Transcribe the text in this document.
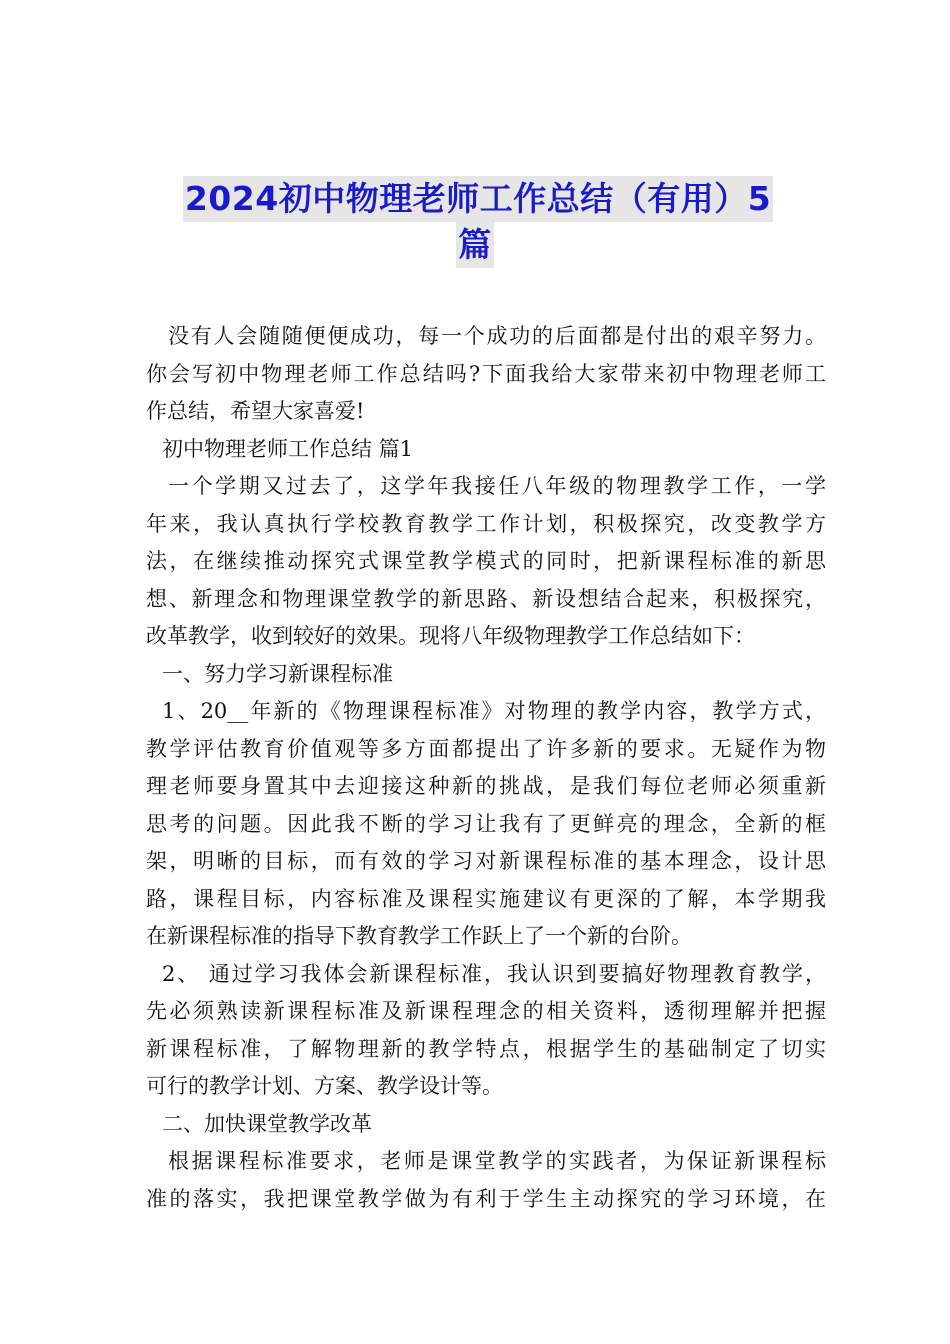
2024初中物理老师工作总结（有用）5
篇
没有人会随随便便成功，每一个成功的后面都是付出的艰辛努力。
你会写初中物理老师工作总结吗?下面我给大家带来初中物理老师工
作总结，希望大家喜爱!
初中物理老师工作总结 篇1
一个学期又过去了，这学年我接任八年级的物理教学工作，一学
年来，我认真执行学校教育教学工作计划，积极探究，改变教学方
法，在继续推动探究式课堂教学模式的同时，把新课程标准的新思
想、新理念和物理课堂教学的新思路、新设想结合起来，积极探究，
改革教学，收到较好的效果。现将八年级物理教学工作总结如下：
一、努力学习新课程标准
1、20__年新的《物理课程标准》对物理的教学内容，教学方式，
教学评估教育价值观等多方面都提出了许多新的要求。无疑作为物
理老师要身置其中去迎接这种新的挑战，是我们每位老师必须重新
思考的问题。因此我不断的学习让我有了更鲜亮的理念，全新的框
架，明晰的目标，而有效的学习对新课程标准的基本理念，设计思
路，课程目标，内容标准及课程实施建议有更深的了解，本学期我
在新课程标准的指导下教育教学工作跃上了一个新的台阶。
2、 通过学习我体会新课程标准，我认识到要搞好物理教育教学，
先必须熟读新课程标准及新课程理念的相关资料，透彻理解并把握
新课程标准，了解物理新的教学特点，根据学生的基础制定了切实
可行的教学计划、方案、教学设计等。
二、加快课堂教学改革
根据课程标准要求，老师是课堂教学的实践者，为保证新课程标
准的落实，我把课堂教学做为有利于学生主动探究的学习环境，在
